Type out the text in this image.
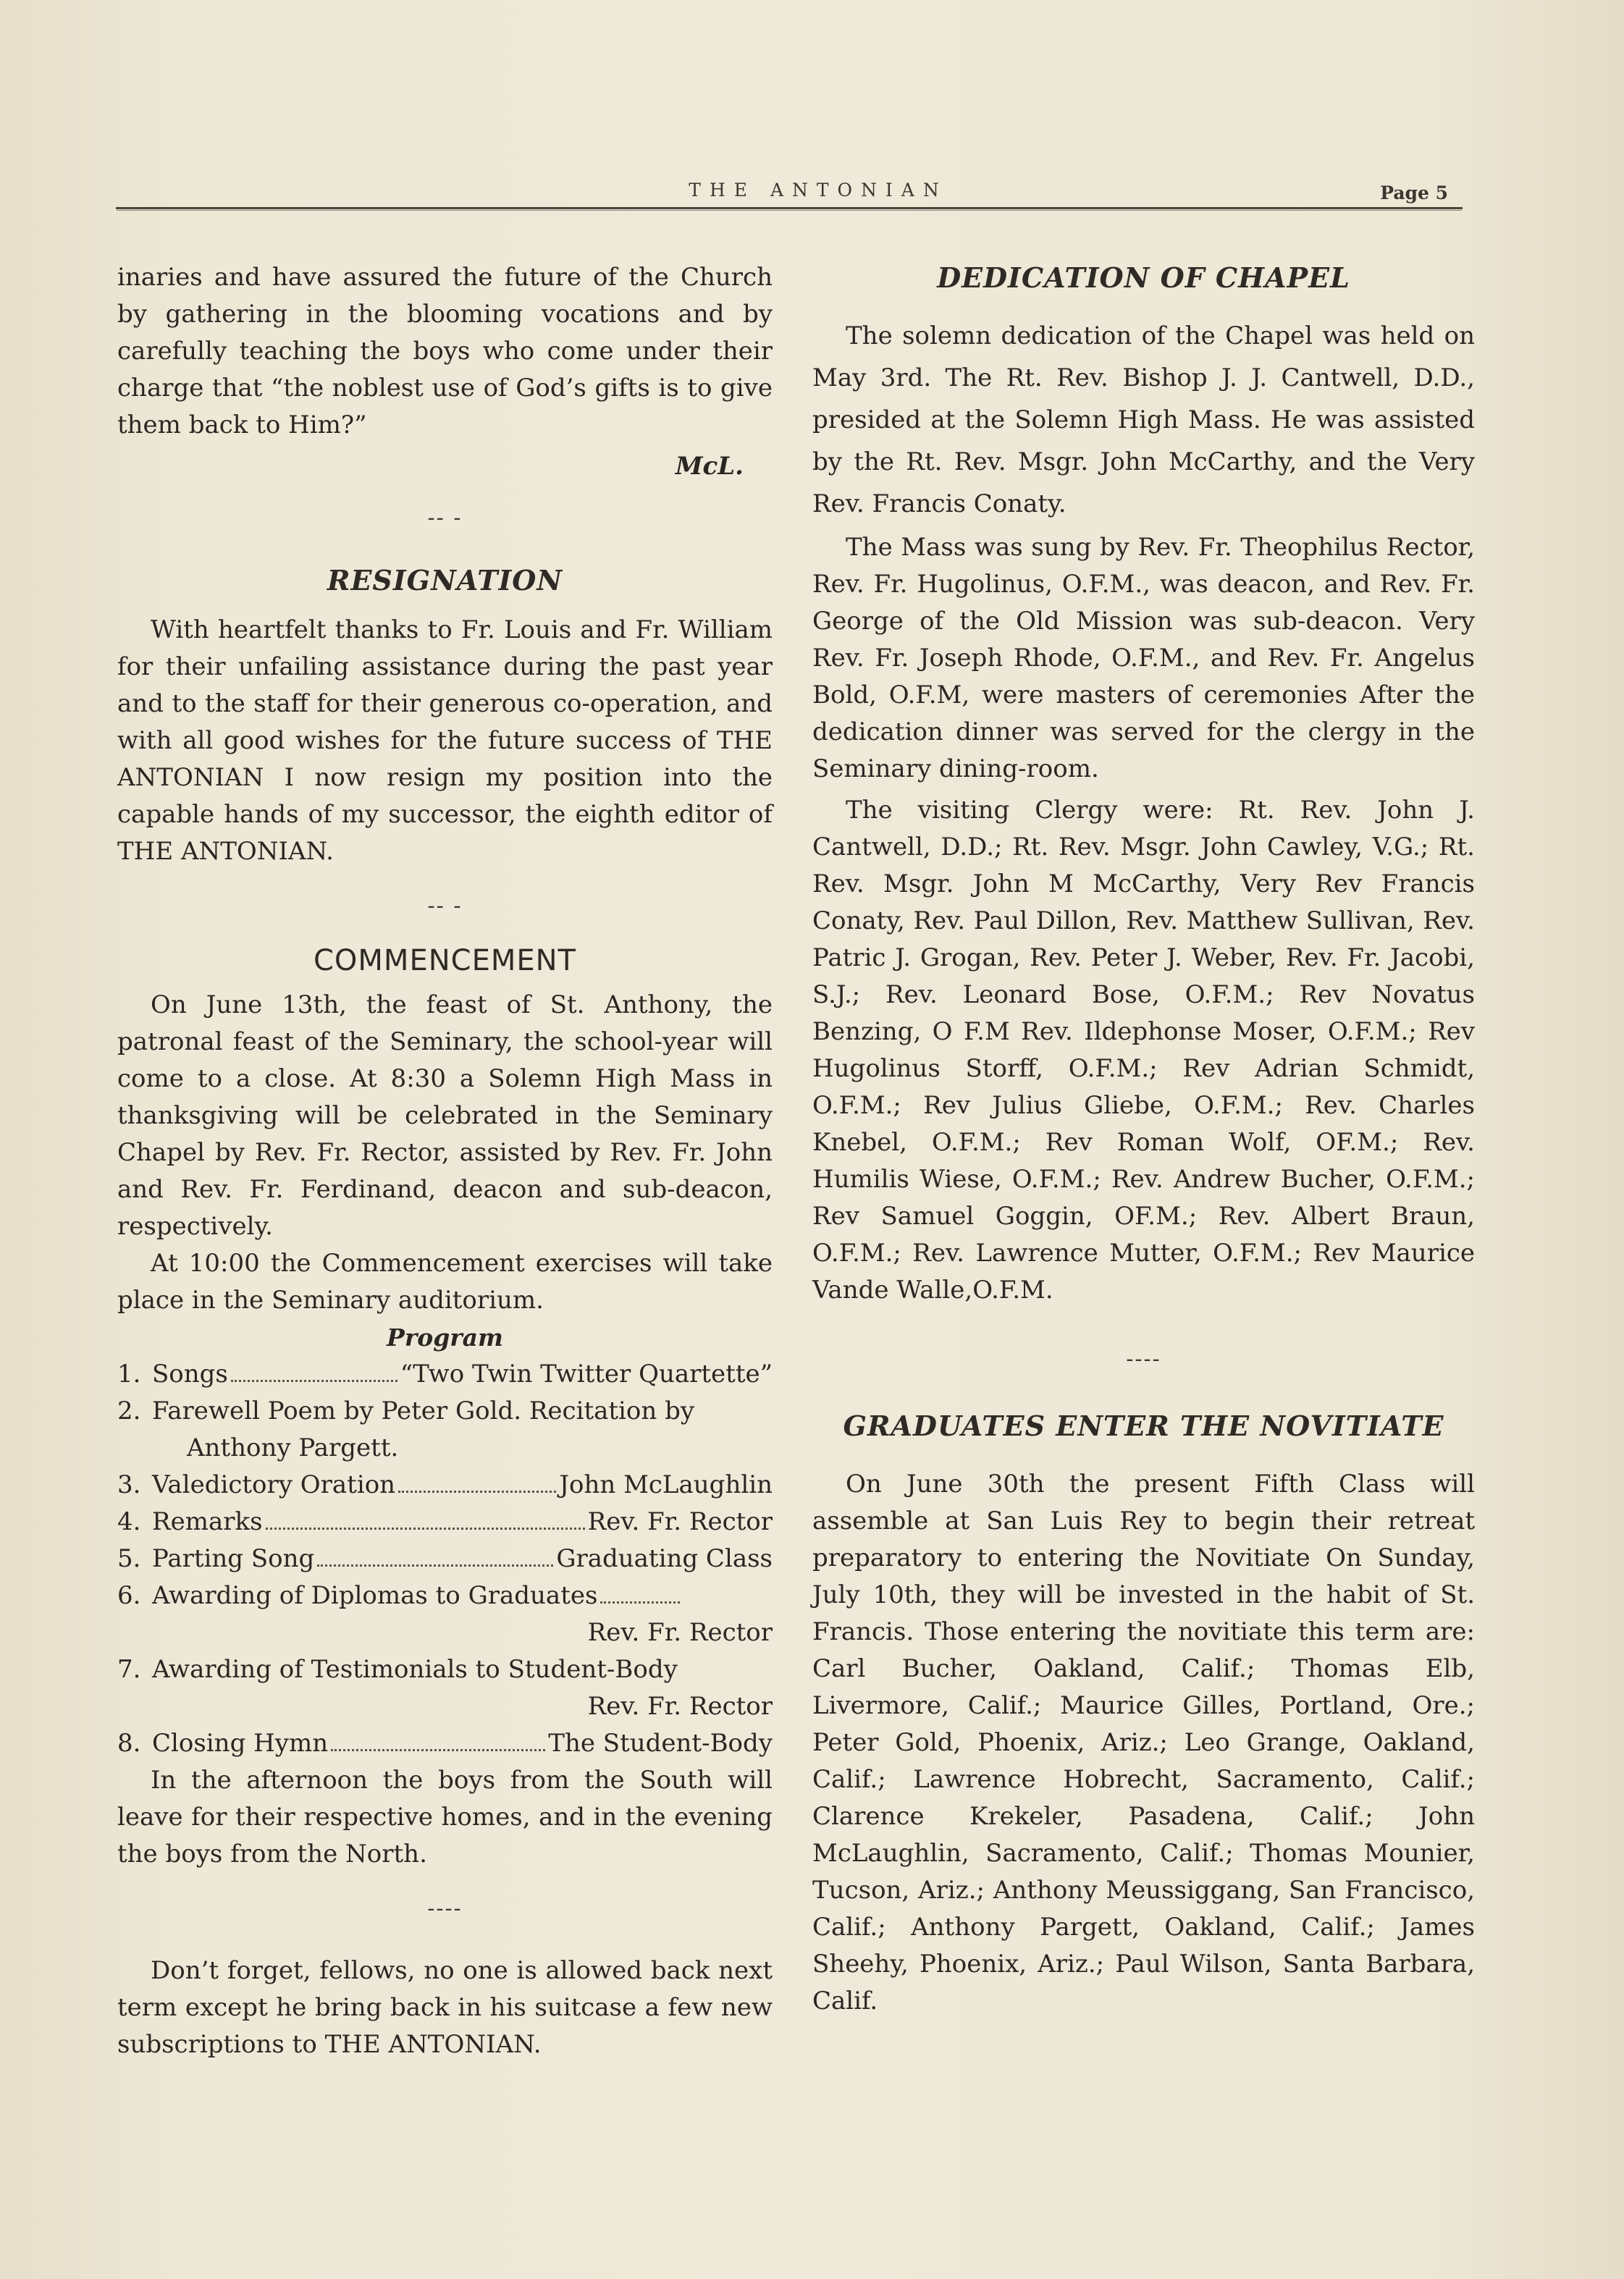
THE ANTONIAN	Page 5

inaries and have assured the future of the Church by gathering in the blooming vocations and by carefully teaching the boys who come under their charge that “the noblest use of God’s gifts is to give them back to Him?”

McL.
-- -
RESIGNATION

With heartfelt thanks to Fr. Louis and Fr. William for their unfailing assistance during the past year and to the staff for their generous co-operation, and with all good wishes for the future success of THE ANTONIAN I now resign my position into the capable hands of my successor, the eighth editor of THE ANTONIAN.

-- -
COMMENCEMENT

On June 13th, the feast of St. Anthony, the patronal feast of the Seminary, the school-year will come to a close. At 8:30 a Solemn High Mass in thanksgiving will be celebrated in the Seminary Chapel by Rev. Fr. Rector, assisted by Rev. Fr. John and Rev. Fr. Ferdinand, deacon and sub-deacon, respectively.

At 10:00 the Commencement exercises will take place in the Seminary auditorium.

Program
1. Songs	“Two Twin Twitter Quartette”
2. Farewell Poem by Peter Gold. Recitation by
Anthony Pargett.
3. Valedictory Oration	John McLaughlin
4. Remarks	Rev. Fr. Rector
5. Parting Song	Graduating Class
6. Awarding of Diplomas to Graduates
Rev. Fr. Rector
7. Awarding of Testimonials to Student-Body
Rev. Fr. Rector
8. Closing Hymn	The Student-Body

In the afternoon the boys from the South will leave for their respective homes, and in the evening the boys from the North.

----

Don’t forget, fellows, no one is allowed back next term except he bring back in his suitcase a few new subscriptions to THE ANTONIAN.

DEDICATION OF CHAPEL

The solemn dedication of the Chapel was held on May 3rd. The Rt. Rev. Bishop J. J. Cantwell, D.D., presided at the Solemn High Mass. He was assisted by the Rt. Rev. Msgr. John McCarthy, and the Very Rev. Francis Conaty.

The Mass was sung by Rev. Fr. Theophilus Rector, Rev. Fr. Hugolinus, O.F.M., was deacon, and Rev. Fr. George of the Old Mission was sub-deacon. Very Rev. Fr. Joseph Rhode, O.F.M., and Rev. Fr. Angelus Bold, O.F.M, were masters of ceremonies After the dedication dinner was served for the clergy in the Seminary dining-room.

The visiting Clergy were: Rt. Rev. John J. Cantwell, D.D.; Rt. Rev. Msgr. John Cawley, V.G.; Rt. Rev. Msgr. John M McCarthy, Very Rev Francis Conaty, Rev. Paul Dillon, Rev. Matthew Sullivan, Rev. Patric J. Grogan, Rev. Peter J. Weber, Rev. Fr. Jacobi, S.J.; Rev. Leonard Bose, O.F.M.; Rev Novatus Benzing, O F.M Rev. Ildephonse Moser, O.F.M.; Rev Hugolinus Storff, O.F.M.; Rev Adrian Schmidt, O.F.M.; Rev Julius Gliebe, O.F.M.; Rev. Charles Knebel, O.F.M.; Rev Roman Wolf, OF.M.; Rev. Humilis Wiese, O.F.M.; Rev. Andrew Bucher, O.F.M.; Rev Samuel Goggin, OF.M.; Rev. Albert Braun, O.F.M.; Rev. Lawrence Mutter, O.F.M.; Rev Maurice Vande Walle,O.F.M.

----
GRADUATES ENTER THE NOVITIATE

On June 30th the present Fifth Class will assemble at San Luis Rey to begin their retreat preparatory to entering the Novitiate On Sunday, July 10th, they will be invested in the habit of St. Francis. Those entering the novitiate this term are: Carl Bucher, Oakland, Calif.; Thomas Elb, Livermore, Calif.; Maurice Gilles, Portland, Ore.; Peter Gold, Phoenix, Ariz.; Leo Grange, Oakland, Calif.; Lawrence Hobrecht, Sacramento, Calif.; Clarence Krekeler, Pasadena, Calif.; John McLaughlin, Sacramento, Calif.; Thomas Mounier, Tucson, Ariz.; Anthony Meussiggang, San Francisco, Calif.; Anthony Pargett, Oakland, Calif.; James Sheehy, Phoenix, Ariz.; Paul Wilson, Santa Barbara, Calif.
